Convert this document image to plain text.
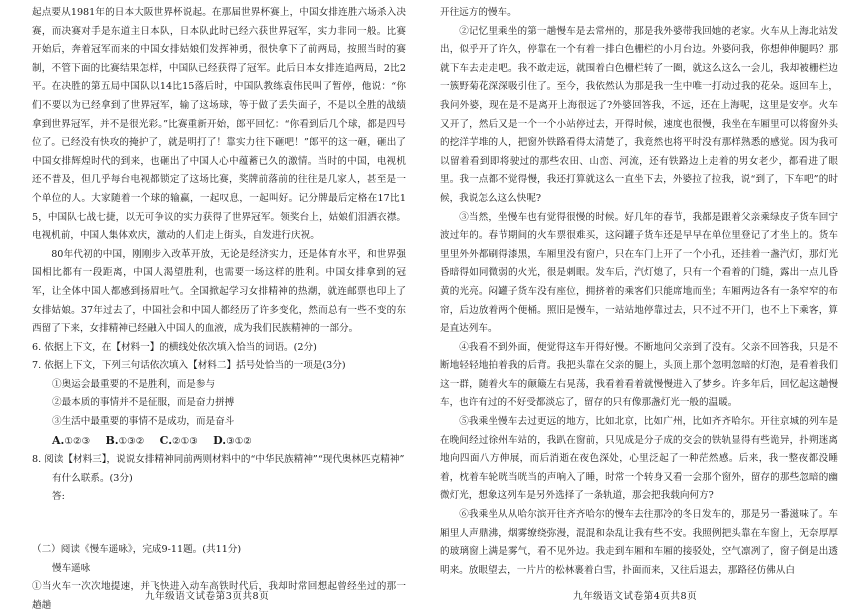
起点要从1981年的日本大阪世界杯说起。在那届世界杯赛上，中国女排连胜六场杀入决赛，而决赛对手是东道主日本队，日本队此时已经六获世界冠军，实力非同一般。比赛开始后，奔着冠军而来的中国女排姑娘们发挥神勇，很快拿下了前两局，按照当时的赛制，不管下面的比赛结果怎样，中国队已经获得了冠军。此后日本女排连追两局，2比2平。在决胜的第五局中国队以14比15落后时，中国队教练袁伟民叫了暂停，他说：“你们不要以为已经拿到了世界冠军，输了这场球，等于做了丢失面子，不是以全胜的战绩拿到世界冠军，并不是很光彩。”比赛重新开始，郎平回忆：“你看到后几个球，都是四号位了。已经没有快攻的掩护了，就是明打了！靠实力往下砸吧！”郎平的这一砸，砸出了中国女排辉煌时代的到来，也砸出了中国人心中蕴蓄已久的激情。当时的中国，电视机还不普及，但几乎每台电视都锁定了这场比赛，奖牌前落前的往往是几家人，甚至是一个单位的人。大家随着一个球的输赢，一起叹息，一起叫好。记分牌最后定格在17比15，中国队七战七捷，以无可争议的实力获得了世界冠军。领奖台上，姑娘们泪洒衣襟。电视机前，中国人集体欢庆，激动的人们走上街头，自发进行庆祝。

80年代初的中国，刚刚步入改革开放，无论是经济实力，还是体育水平，和世界强国相比都有一段距离，中国人渴望胜利，也需要一场这样的胜利。中国女排拿到的冠军，让全体中国人都感到扬眉吐气。全国掀起学习女排精神的热潮，就连邮票也印上了女排姑娘。37年过去了，中国社会和中国人都经历了许多变化，然而总有一些不变的东西留了下来，女排精神已经融入中国人的血液，成为我们民族精神的一部分。

6. 依据上下文，在【材料一】的横线处依次填入恰当的词语。(2分)

7. 依据上下文，下列三句话依次填入【材料二】括号处恰当的一项是(3分)

①奥运会最重要的不是胜利，而是参与

②最本质的事情并不是征服，而是奋力拼搏

③生活中最重要的事情不是成功，而是奋斗

A.①②③ B.①③② C.②①③ D.③①②

8. 阅读【材料三】，说说女排精神同前两则材料中的“中华民族精神”“现代奥林匹克精神”

有什么联系。(3分)

答:

（二）阅读《慢车遥咏》，完成9-11题。(共11分)

慢车遥咏

①当火车一次次地提速，并飞快进入动车高铁时代后，我却时常回想起曾经坐过的那一趟趟

九年级语文试卷第3页共8页

开往远方的慢车。

②记忆里乘坐的第一趟慢车是去常州的，那是我外婆带我回她的老家。火车从上海北站发出，似乎开了许久，停靠在一个有着一排白色栅栏的小月台边。外婆问我，你想伸伸腿吗？那就下车去走走吧。我不敢走远，就围着白色栅栏转了一圈，就这么这么一会儿，我却被栅栏边一簇野菊花深深吸引住了。至今，我依然认为那是我一生中唯一打动过我的花朵。返回车上，我问外婆，现在是不是离开上海很远了?外婆回答我，不远，还在上海呢，这里是安亭。火车又开了，然后又是一个一个小站停过去，开得时候，速度也很慢，我坐在车厢里可以将窗外头的挖洋芋堆的人，把窗外铁路看得太清楚了，我竟然也将平时没有那样熟悉的感觉。因为我可以留着看到即将驶过的那些农田、山峦、河流，还有铁路边上走着的男女老少，都看进了眼里。我一点都不觉得慢，我还打算就这么一直坐下去，外婆拉了拉我，说“到了，下车吧”的时候，我说怎么这么快呢?

③当然，坐慢车也有觉得很慢的时候。好几年的春节，我都是跟着父亲乘绿皮子货车回宁波过年的。春节期间的火车票很难买，这闷罐子货车还是早早在单位里登记了才坐上的。货车里里外外都刷得漆黑，车厢里没有窗户，只在车门上开了一个小孔，还挂着一盏汽灯，那灯光昏暗得如同微弱的火光，很是刺眼。发车后，汽灯熄了，只有一个看着的门缝，露出一点儿昏黄的光亮。闷罐子货车没有座位，拥挤着的乘客们只能席地而坐；车厢两边各有一条窄窄的布帘，后边放着两个便桶。照旧是慢车，一站站地停靠过去，只不过不开门，也不上下乘客，算是直达列车。

④我看不到外面，便觉得这车开得好慢。不断地问父亲到了没有。父亲不回答我，只是不断地轻轻地拍着我的后背。我把头靠在父亲的腿上，头顶上那个忽明忽暗的灯泡，是看着我们这一群，随着火车的颠簸左右晃荡，我看着看着就慢慢进入了梦乡。许多年后，回忆起这趟慢车，也许有过的不好受都淡忘了，留存的只有像那盏灯光一般的温暖。

⑤我乘坐慢车去过更远的地方，比如北京，比如广州，比如齐齐哈尔。开往京城的列车是在晚间经过徐州车站的，我趴在窗前，只见成是分子成的交会的铁轨显得有些诡异，扑朔迷离地向四面八方伸展，而后消逝在夜色深处，心里泛起了一种茫然感。后来，我一整夜都没睡着，枕着车轮咣当咣当的声响入了睡，时常一个转身又看一会那个窗外，留存的那些忽暗的幽微灯光，想象这列车是另外选择了一条轨道，那会把我载向何方?

⑥我乘坐从从哈尔滨开往齐齐哈尔的慢车去往那冷的冬日发车的，那是另一番滋味了。车厢里人声鼎沸，烟雾缭绕弥漫，混混和杂乱让我有些不安。我照例把头靠在车窗上，无奈厚厚的玻璃窗上满是雾气，看不见外边。我走到车厢和车厢的接驳处，空气凛冽了，窗子倒是出透明来。放眼望去，一片片的松林裹着白雪，扑面而来，又往后退去，那路径仿佛从白

九年级语文试卷第4页共8页
